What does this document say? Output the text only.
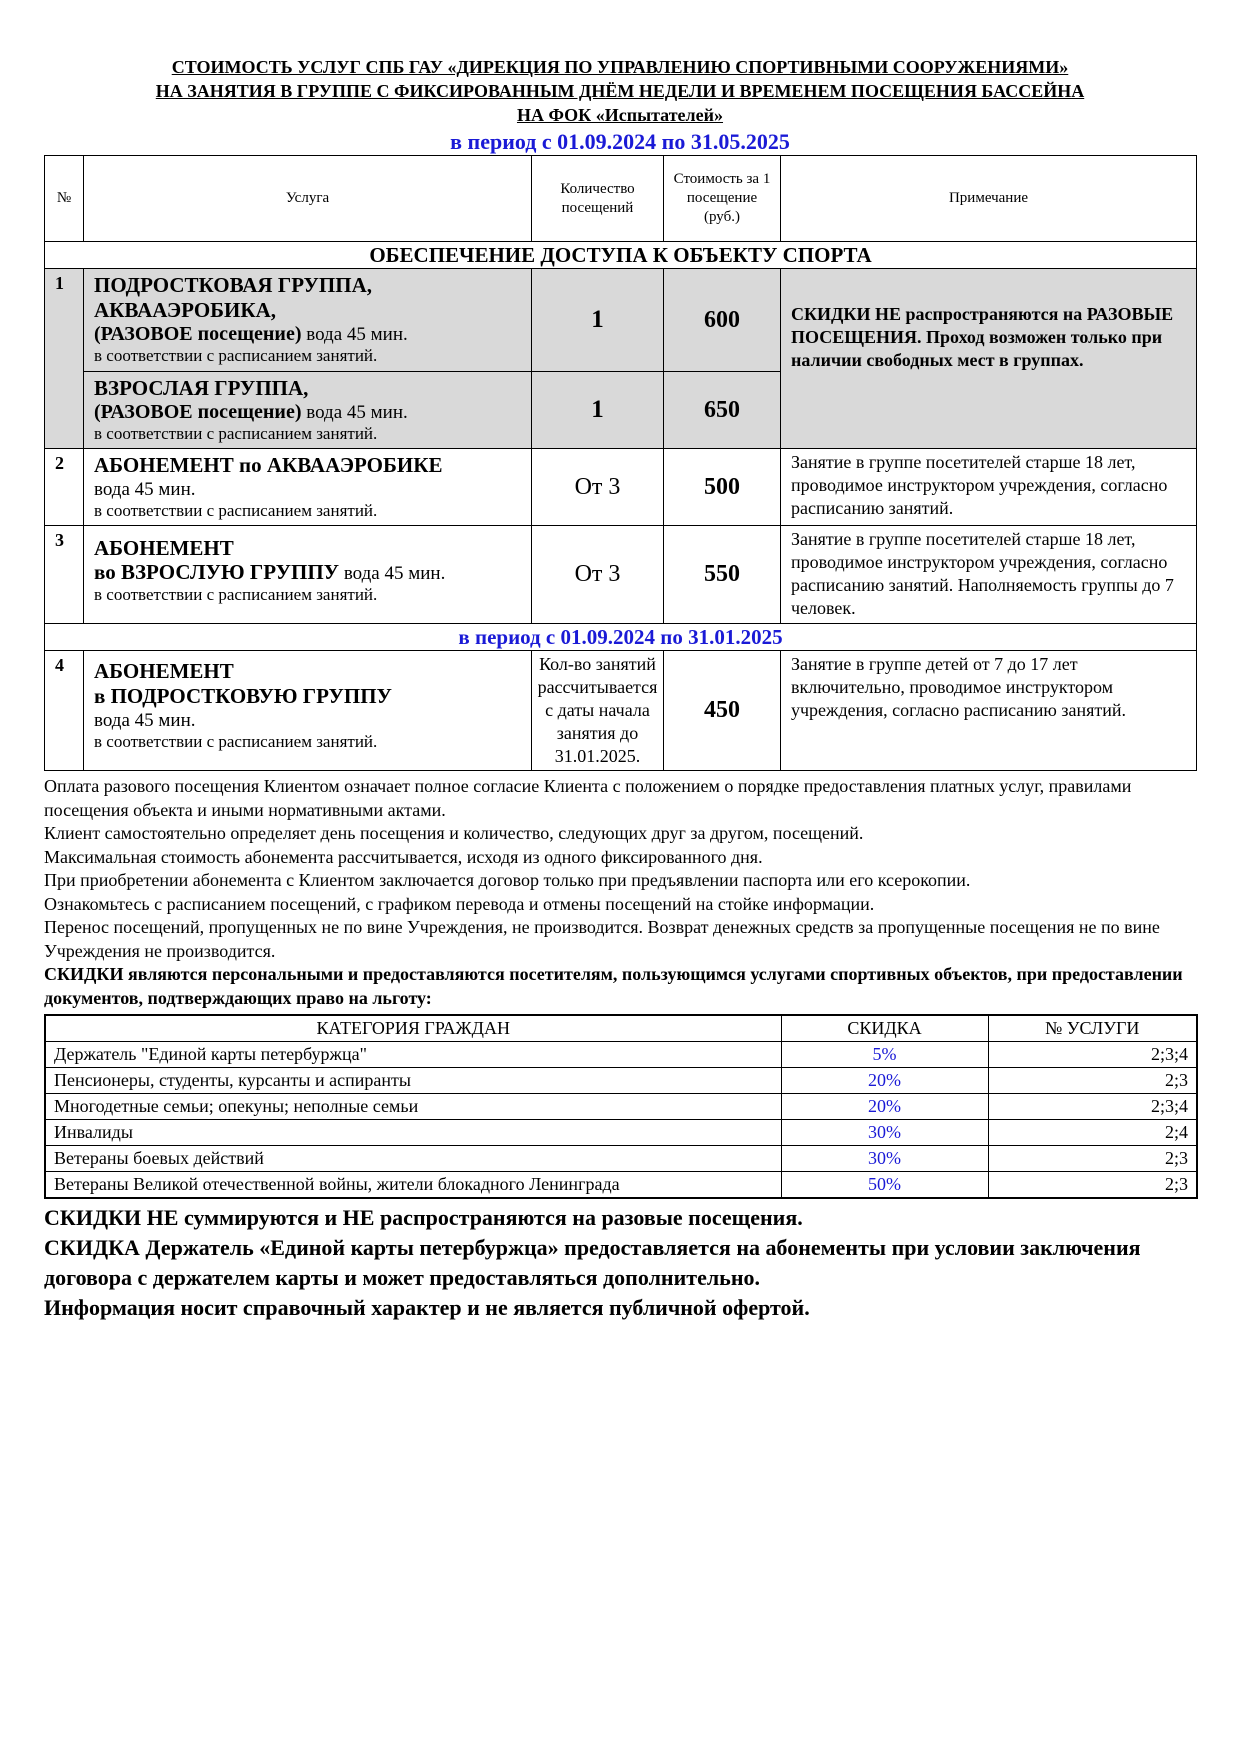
СТОИМОСТЬ УСЛУГ СПБ ГАУ «ДИРЕКЦИЯ ПО УПРАВЛЕНИЮ СПОРТИВНЫМИ СООРУЖЕНИЯМИ»
НА ЗАНЯТИЯ В ГРУППЕ С ФИКСИРОВАННЫМ ДНЁМ НЕДЕЛИ И ВРЕМЕНЕМ ПОСЕЩЕНИЯ БАССЕЙНА
НА ФОК «Испытателей»
в период с 01.09.2024 по 31.05.2025
№	Услуга	Количество посещений	Стоимость за 1 посещение (руб.)	Примечание
ОБЕСПЕЧЕНИЕ ДОСТУПА К ОБЪЕКТУ СПОРТА				
1	ПОДРОСТКОВАЯ ГРУППА,
АКВААЭРОБИКА,
(РАЗОВОЕ посещение) вода 45 мин.
в соответствии с расписанием занятий.	1	600	СКИДКИ НЕ распространяются на РАЗОВЫЕ ПОСЕЩЕНИЯ. Проход возможен только при наличии свободных мест в группах.

	ВЗРОСЛАЯ ГРУППА,
(РАЗОВОЕ посещение) вода 45 мин.
в соответствии с расписанием занятий.	1	650	
2	АБОНЕМЕНТ по АКВААЭРОБИКЕ
вода 45 мин.
в соответствии с расписанием занятий.	От 3	500	Занятие в группе посетителей старше 18 лет, проводимое инструктором учреждения, согласно расписанию занятий.
3	АБОНЕМЕНТ
во ВЗРОСЛУЮ ГРУППУ вода 45 мин.
в соответствии с расписанием занятий.	От 3	550	Занятие в группе посетителей старше 18 лет, проводимое инструктором учреждения, согласно расписанию занятий. Наполняемость группы до 7 человек.
в период с 01.09.2024 по 31.01.2025				
4	АБОНЕМЕНТ
в ПОДРОСТКОВУЮ ГРУППУ
вода 45 мин.
в соответствии с расписанием занятий.	Кол-во занятий рассчитывается с даты начала занятия до 31.01.2025.	450	Занятие в группе детей от 7 до 17 лет включительно, проводимое инструктором учреждения, согласно расписанию занятий.
Оплата разового посещения Клиентом означает полное согласие Клиента с положением о порядке предоставления платных услуг, правилами посещения объекта и иными нормативными актами.
Клиент самостоятельно определяет день посещения и количество, следующих друг за другом, посещений.
Максимальная стоимость абонемента рассчитывается, исходя из одного фиксированного дня.
При приобретении абонемента с Клиентом заключается договор только при предъявлении паспорта или его ксерокопии.
Ознакомьтесь с расписанием посещений, с графиком перевода и отмены посещений на стойке информации.
Перенос посещений, пропущенных не по вине Учреждения, не производится. Возврат денежных средств за пропущенные посещения не по вине Учреждения не производится.
СКИДКИ являются персональными и предоставляются посетителям, пользующимся услугами спортивных объектов, при предоставлении документов, подтверждающих право на льготу:
КАТЕГОРИЯ ГРАЖДАН	СКИДКА	№ УСЛУГИ
Держатель "Единой карты петербуржца"	5%	2;3;4
Пенсионеры, студенты, курсанты и аспиранты	20%	2;3
Многодетные семьи; опекуны; неполные семьи	20%	2;3;4
Инвалиды	30%	2;4
Ветераны боевых действий	30%	2;3
Ветераны Великой отечественной войны, жители блокадного Ленинграда	50%	2;3
СКИДКИ НЕ суммируются и НЕ распространяются на разовые посещения.
СКИДКА Держатель «Единой карты петербуржца» предоставляется на абонементы при условии заключения договора с держателем карты и может предоставляться дополнительно.
Информация носит справочный характер и не является публичной офертой.
